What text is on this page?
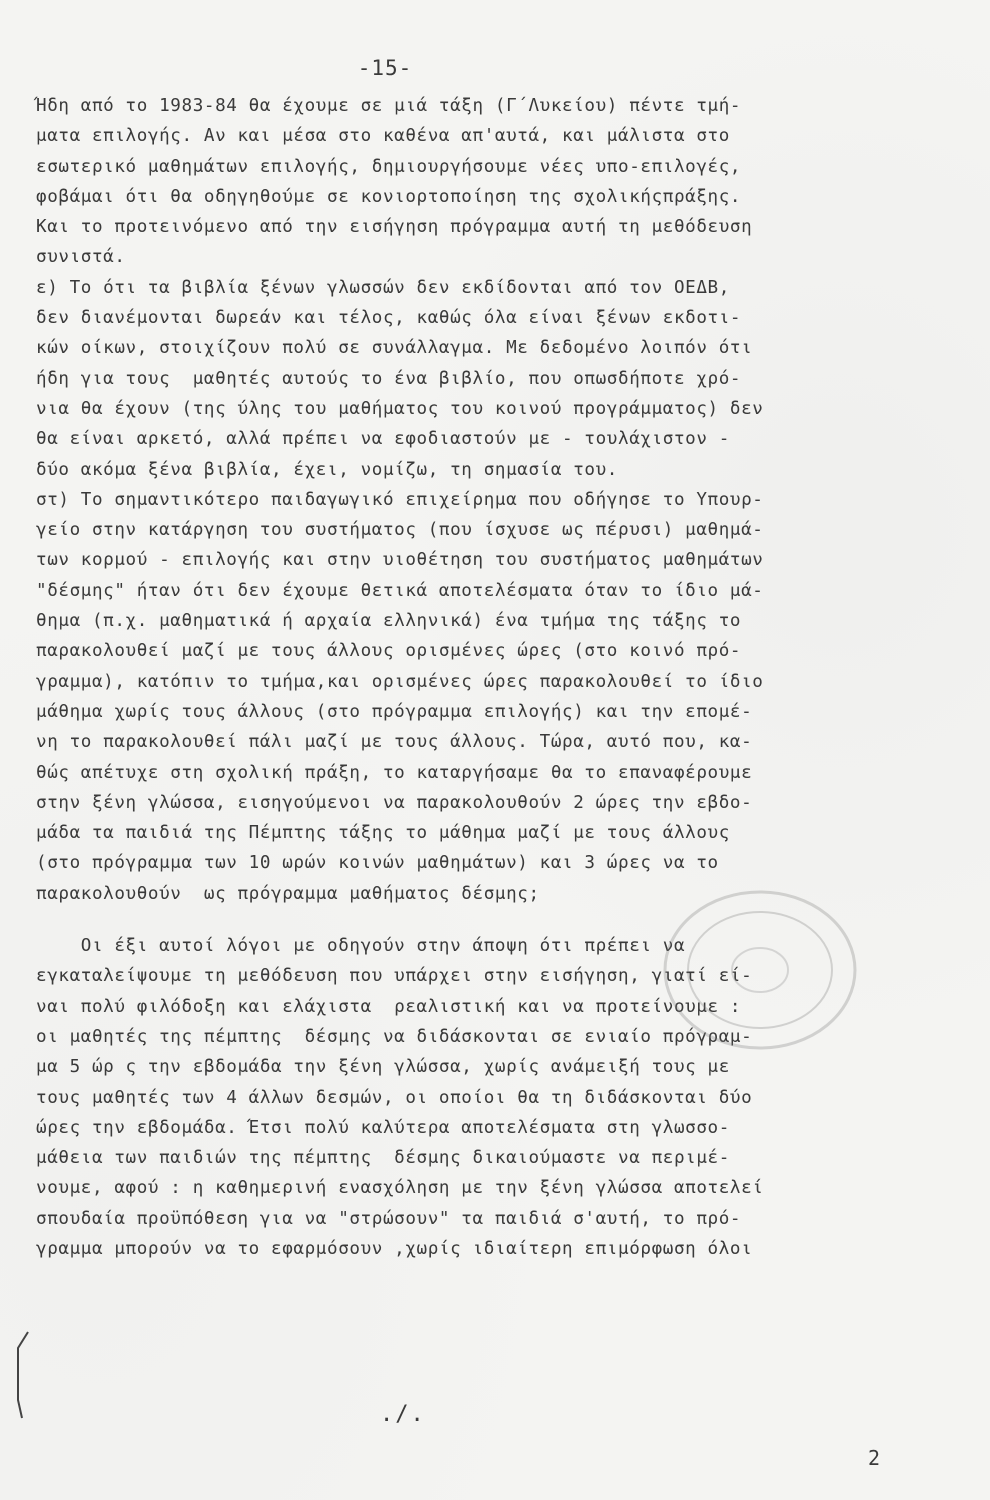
-15-
Ήδη από το 1983-84 θα έχουμε σε μιά τάξη (Γ΄Λυκείου) πέντε τμή-
ματα επιλογής. Αν και μέσα στο καθένα απ'αυτά, και μάλιστα στο
εσωτερικό μαθημάτων επιλογής, δημιουργήσουμε νέες υπο-επιλογές,
φοβάμαι ότι θα οδηγηθούμε σε κονιορτοποίηση της σχολικήςπράξης.
Και το προτεινόμενο από την εισήγηση πρόγραμμα αυτή τη μεθόδευση
συνιστά.
ε) Το ότι τα βιβλία ξένων γλωσσών δεν εκδίδονται από τον ΟΕΔΒ,
δεν διανέμονται δωρεάν και τέλος, καθώς όλα είναι ξένων εκδοτι-
κών οίκων, στοιχίζουν πολύ σε συνάλλαγμα. Με δεδομένο λοιπόν ότι
ήδη για τους  μαθητές αυτούς το ένα βιβλίο, που οπωσδήποτε χρό-
νια θα έχουν (της ύλης του μαθήματος του κοινού προγράμματος) δεν
θα είναι αρκετό, αλλά πρέπει να εφοδιαστούν με - τουλάχιστον -
δύο ακόμα ξένα βιβλία, έχει, νομίζω, τη σημασία του.
στ) Το σημαντικότερο παιδαγωγικό επιχείρημα που οδήγησε το Υπουρ-
γείο στην κατάργηση του συστήματος (που ίσχυσε ως πέρυσι) μαθημά-
των κορμού - επιλογής και στην υιοθέτηση του συστήματος μαθημάτων
"δέσμης" ήταν ότι δεν έχουμε θετικά αποτελέσματα όταν το ίδιο μά-
θημα (π.χ. μαθηματικά ή αρχαία ελληνικά) ένα τμήμα της τάξης το
παρακολουθεί μαζί με τους άλλους ορισμένες ώρες (στο κοινό πρό-
γραμμα), κατόπιν το τμήμα,και ορισμένες ώρες παρακολουθεί το ίδιο
μάθημα χωρίς τους άλλους (στο πρόγραμμα επιλογής) και την επομέ-
νη το παρακολουθεί πάλι μαζί με τους άλλους. Τώρα, αυτό που, κα-
θώς απέτυχε στη σχολική πράξη, το καταργήσαμε θα το επαναφέρουμε
στην ξένη γλώσσα, εισηγούμενοι να παρακολουθούν 2 ώρες την εβδο-
μάδα τα παιδιά της Πέμπτης τάξης το μάθημα μαζί με τους άλλους
(στο πρόγραμμα των 10 ωρών κοινών μαθημάτων) και 3 ώρες να το
παρακολουθούν  ως πρόγραμμα μαθήματος δέσμης;
Οι έξι αυτοί λόγοι με οδηγούν στην άποψη ότι πρέπει να
εγκαταλείψουμε τη μεθόδευση που υπάρχει στην εισήγηση, γιατί εί-
ναι πολύ φιλόδοξη και ελάχιστα  ρεαλιστική και να προτείνουμε :
οι μαθητές της πέμπτης  δέσμης να διδάσκονται σε ενιαίο πρόγραμ-
μα 5 ώρ ς την εβδομάδα την ξένη γλώσσα, χωρίς ανάμειξή τους με
τους μαθητές των 4 άλλων δεσμών, οι οποίοι θα τη διδάσκονται δύο
ώρες την εβδομάδα. Έτσι πολύ καλύτερα αποτελέσματα στη γλωσσο-
μάθεια των παιδιών της πέμπτης  δέσμης δικαιούμαστε να περιμέ-
νουμε, αφού : η καθημερινή ενασχόληση με την ξένη γλώσσα αποτελεί
σπουδαία προϋπόθεση για να "στρώσουν" τα παιδιά σ'αυτή, το πρό-
γραμμα μπορούν να το εφαρμόσουν ,χωρίς ιδιαίτερη επιμόρφωση όλοι
./.
2
